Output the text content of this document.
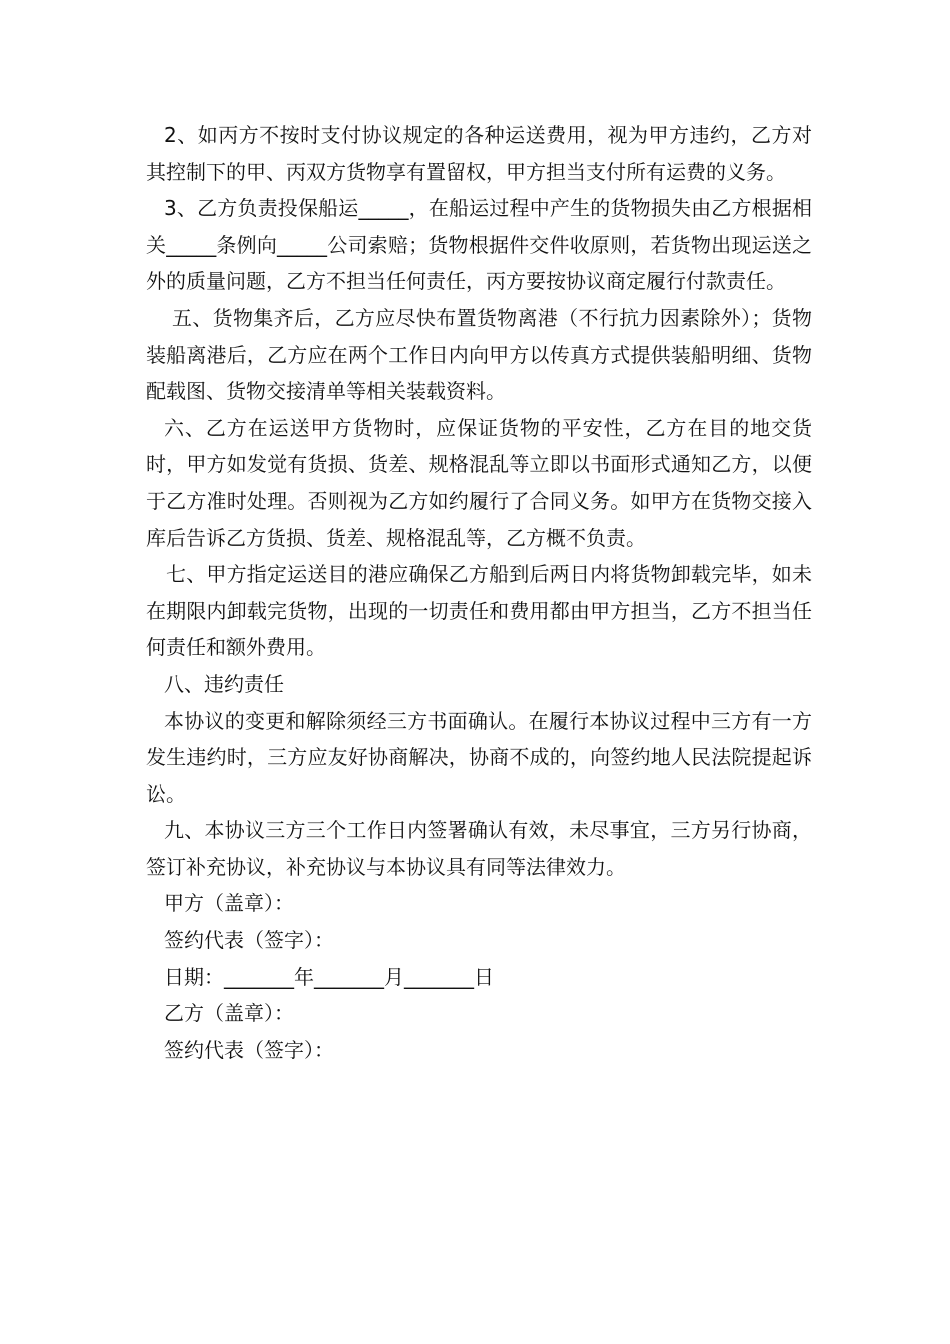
2、如丙方不按时支付协议规定的各种运送费用，视为甲方违约，乙方对其控制下的甲、丙双方货物享有置留权，甲方担当支付所有运费的义务。

3、乙方负责投保船运_____，在船运过程中产生的货物损失由乙方根据相关_____条例向_____公司索赔；货物根据件交件收原则，若货物出现运送之外的质量问题，乙方不担当任何责任，丙方要按协议商定履行付款责任。

五、货物集齐后，乙方应尽快布置货物离港（不行抗力因素除外）；货物装船离港后，乙方应在两个工作日内向甲方以传真方式提供装船明细、货物配载图、货物交接清单等相关装载资料。

六、乙方在运送甲方货物时，应保证货物的平安性，乙方在目的地交货时，甲方如发觉有货损、货差、规格混乱等立即以书面形式通知乙方，以便于乙方准时处理。否则视为乙方如约履行了合同义务。如甲方在货物交接入库后告诉乙方货损、货差、规格混乱等，乙方概不负责。

七、甲方指定运送目的港应确保乙方船到后两日内将货物卸载完毕，如未在期限内卸载完货物，出现的一切责任和费用都由甲方担当，乙方不担当任何责任和额外费用。

八、违约责任

本协议的变更和解除须经三方书面确认。在履行本协议过程中三方有一方发生违约时，三方应友好协商解决，协商不成的，向签约地人民法院提起诉讼。

九、本协议三方三个工作日内签署确认有效，未尽事宜，三方另行协商，签订补充协议，补充协议与本协议具有同等法律效力。

甲方（盖章）：

签约代表（签字）：

日期：_______年_______月_______日

乙方（盖章）：

签约代表（签字）：
